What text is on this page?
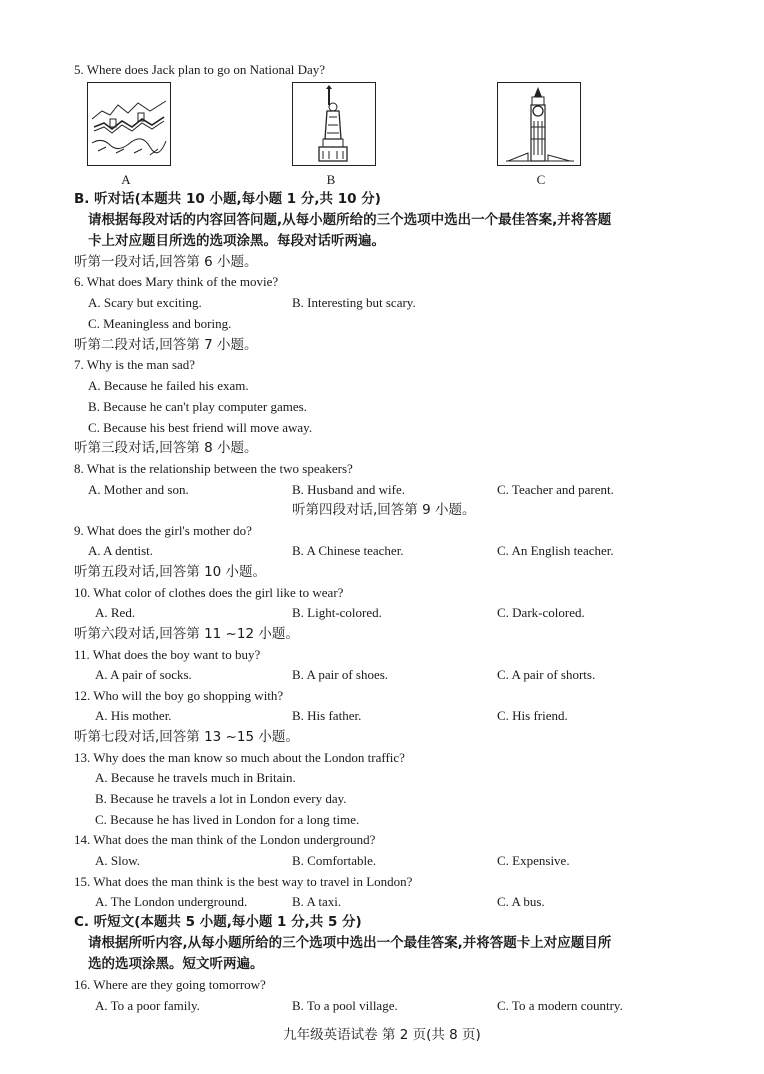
5. Where does Jack plan to go on National Day?
A	B	C
B. 听对话(本题共 10 小题,每小题 1 分,共 10 分)
请根据每段对话的内容回答问题,从每小题所给的三个选项中选出一个最佳答案,并将答题
卡上对应题目所选的选项涂黑。每段对话听两遍。
听第一段对话,回答第 6 小题。
6. What does Mary think of the movie?
A. Scary but exciting.	B. Interesting but scary.
C. Meaningless and boring.
听第二段对话,回答第 7 小题。
7. Why is the man sad?
A. Because he failed his exam.
B. Because he can't play computer games.
C. Because his best friend will move away.
听第三段对话,回答第 8 小题。
8. What is the relationship between the two speakers?
A. Mother and son.	B. Husband and wife.	C. Teacher and parent.
听第四段对话,回答第 9 小题。
9. What does the girl's mother do?
A. A dentist.	B. A Chinese teacher.	C. An English teacher.
听第五段对话,回答第 10 小题。
10. What color of clothes does the girl like to wear?
A. Red.	B. Light-colored.	C. Dark-colored.
听第六段对话,回答第 11 ~12 小题。
11. What does the boy want to buy?
A. A pair of socks.	B. A pair of shoes.	C. A pair of shorts.
12. Who will the boy go shopping with?
A. His mother.	B. His father.	C. His friend.
听第七段对话,回答第 13 ~15 小题。
13. Why does the man know so much about the London traffic?
A. Because he travels much in Britain.
B. Because he travels a lot in London every day.
C. Because he has lived in London for a long time.
14. What does the man think of the London underground?
A. Slow.	B. Comfortable.	C. Expensive.
15. What does the man think is the best way to travel in London?
A. The London underground.	B. A taxi.	C. A bus.
C. 听短文(本题共 5 小题,每小题 1 分,共 5 分)
请根据所听内容,从每小题所给的三个选项中选出一个最佳答案,并将答题卡上对应题目所
选的选项涂黑。短文听两遍。
16. Where are they going tomorrow?
A. To a poor family.	B. To a pool village.	C. To a modern country.
九年级英语试卷 第 2 页(共 8 页)
